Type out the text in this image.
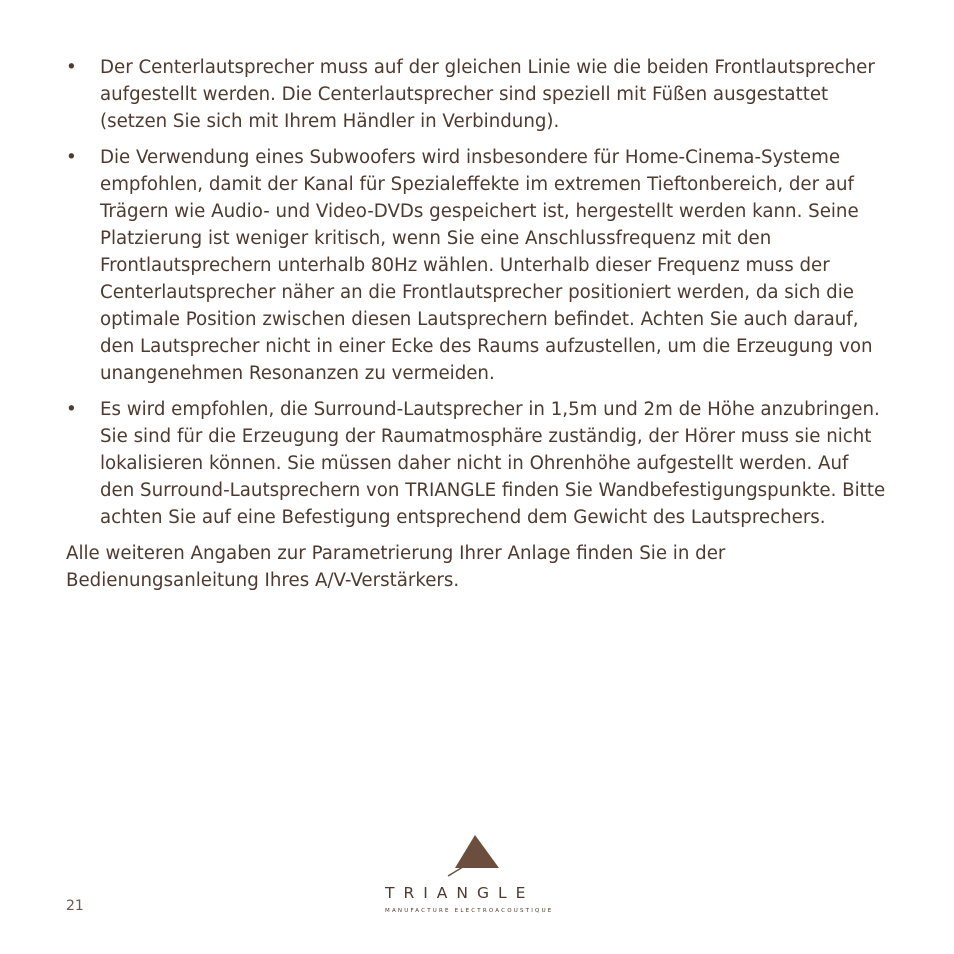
• Der Centerlautsprecher muss auf der gleichen Linie wie die beiden Frontlautsprecher aufgestellt werden. Die Centerlautsprecher sind speziell mit Füßen ausgestattet (setzen Sie sich mit Ihrem Händler in Verbindung).
• Die Verwendung eines Subwoofers wird insbesondere für Home-Cinema-Systeme empfohlen, damit der Kanal für Spezialeffekte im extremen Tieftonbereich, der auf Trägern wie Audio- und Video-DVDs gespeichert ist, hergestellt werden kann. Seine Platzierung ist weniger kritisch, wenn Sie eine Anschlussfrequenz mit den Frontlautsprechern unterhalb 80Hz wählen. Unterhalb dieser Frequenz muss der Centerlautsprecher näher an die Frontlautsprecher positioniert werden, da sich die optimale Position zwischen diesen Lautsprechern befindet. Achten Sie auch darauf, den Lautsprecher nicht in einer Ecke des Raums aufzustellen, um die Erzeugung von unangenehmen Resonanzen zu vermeiden.
• Es wird empfohlen, die Surround-Lautsprecher in 1,5m und 2m de Höhe anzubringen. Sie sind für die Erzeugung der Raumatmosphäre zuständig, der Hörer muss sie nicht lokalisieren können. Sie müssen daher nicht in Ohrenhöhe aufgestellt werden. Auf den Surround-Lautsprechern von TRIANGLE finden Sie Wandbefestigungspunkte. Bitte achten Sie auf eine Befestigung entsprechend dem Gewicht des Lautsprechers.

Alle weiteren Angaben zur Parametrierung Ihrer Anlage finden Sie in der Bedienungsanleitung Ihres A/V-Verstärkers.

21
TRIANGLE
MANUFACTURE ELECTROACOUSTIQUE
